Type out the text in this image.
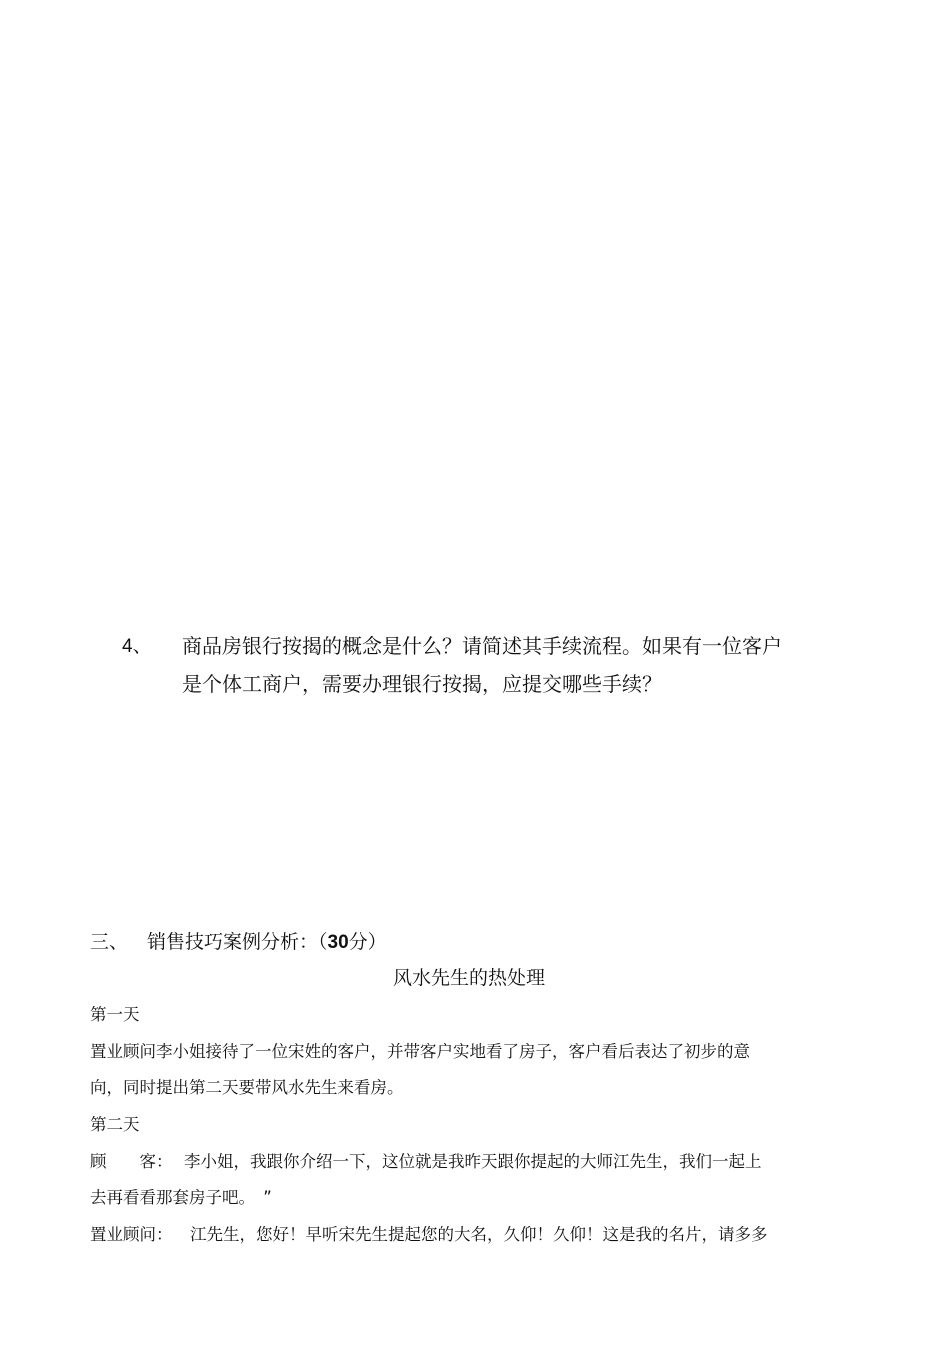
4、 商品房银行按揭的概念是什么？请简述其手续流程。如果有一位客户
是个体工商户，需要办理银行按揭，应提交哪些手续？
三、 销售技巧案例分析：（30分）
风水先生的热处理
第一天
置业顾问李小姐接待了一位宋姓的客户，并带客户实地看了房子，客户看后表达了初步的意
向，同时提出第二天要带风水先生来看房。
第二天
顾　　客： 李小姐，我跟你介绍一下，这位就是我昨天跟你提起的大师江先生，我们一起上
去再看看那套房子吧。　”
置业顾问： 江先生，您好！早听宋先生提起您的大名，久仰！久仰！这是我的名片，请多多
